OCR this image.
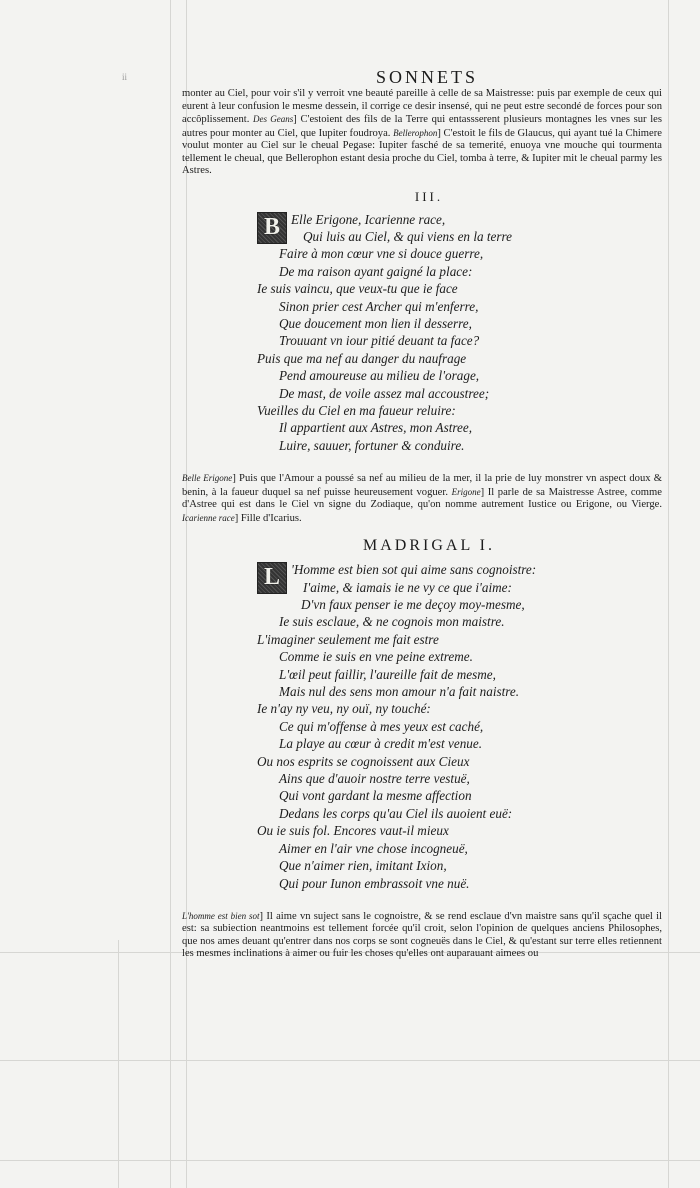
ii	SONNETS

monter au Ciel, pour voir s'il y verroit vne beauté pareille à celle de sa Maistresse: puis par exemple de ceux qui eurent à leur confusion le mesme dessein, il corrige ce desir insensé, qui ne peut estre secondé de forces pour son accôplissement. Des Geans] C'estoient des fils de la Terre qui entassserent plusieurs montagnes les vnes sur les autres pour monter au Ciel, que Iupiter foudroya. Bellerophon] C'estoit le fils de Glaucus, qui ayant tué la Chimere voulut monter au Ciel sur le cheual Pegase: Iupiter fasché de sa temerité, enuoya vne mouche qui tourmenta tellement le cheual, que Bellerophon estant desia proche du Ciel, tomba à terre, & Iupiter mit le cheual parmy les Astres.

III.
B Elle Erigone, Icarienne race,
Qui luis au Ciel, & qui viens en la terre
Faire à mon cœur vne si douce guerre,
De ma raison ayant gaigné la place:
Ie suis vaincu, que veux-tu que ie face
Sinon prier cest Archer qui m'enferre,
Que doucement mon lien il desserre,
Trouuant vn iour pitié deuant ta face?
Puis que ma nef au danger du naufrage
Pend amoureuse au milieu de l'orage,
De mast, de voile assez mal accoustree;
Vueilles du Ciel en ma faueur reluire:
Il appartient aux Astres, mon Astree,
Luire, sauuer, fortuner & conduire.

Belle Erigone] Puis que l'Amour a poussé sa nef au milieu de la mer, il la prie de luy monstrer vn aspect doux & benin, à la faueur duquel sa nef puisse heureusement voguer. Erigone] Il parle de sa Maistresse Astree, comme d'Astree qui est dans le Ciel vn signe du Zodiaque, qu'on nomme autrement Iustice ou Erigone, ou Vierge. Icarienne race] Fille d'Icarius.

MADRIGAL I.
L 'Homme est bien sot qui aime sans cognoistre:
I'aime, & iamais ie ne vy ce que i'aime:
D'vn faux penser ie me deçoy moy-mesme,
Ie suis esclaue, & ne cognois mon maistre.
L'imaginer seulement me fait estre
Comme ie suis en vne peine extreme.
L'œil peut faillir, l'aureille fait de mesme,
Mais nul des sens mon amour n'a fait naistre.
Ie n'ay ny veu, ny ouï, ny touché:
Ce qui m'offense à mes yeux est caché,
La playe au cœur à credit m'est venue.
Ou nos esprits se cognoissent aux Cieux
Ains que d'auoir nostre terre vestuë,
Qui vont gardant la mesme affection
Dedans les corps qu'au Ciel ils auoient euë:
Ou ie suis fol. Encores vaut-il mieux
Aimer en l'air vne chose incogneuë,
Que n'aimer rien, imitant Ixion,
Qui pour Iunon embrassoit vne nuë.

L'homme est bien sot] Il aime vn suject sans le cognoistre, & se rend esclaue d'vn maistre sans qu'il sçache quel il est: sa subiection neantmoins est tellement forcée qu'il croit, selon l'opinion de quelques anciens Philosophes, que nos ames deuant qu'entrer dans nos corps se sont cogneuës dans le Ciel, & qu'estant sur terre elles retiennent les mesmes inclinations à aimer ou fuir les choses qu'elles ont auparauant aimees ou
